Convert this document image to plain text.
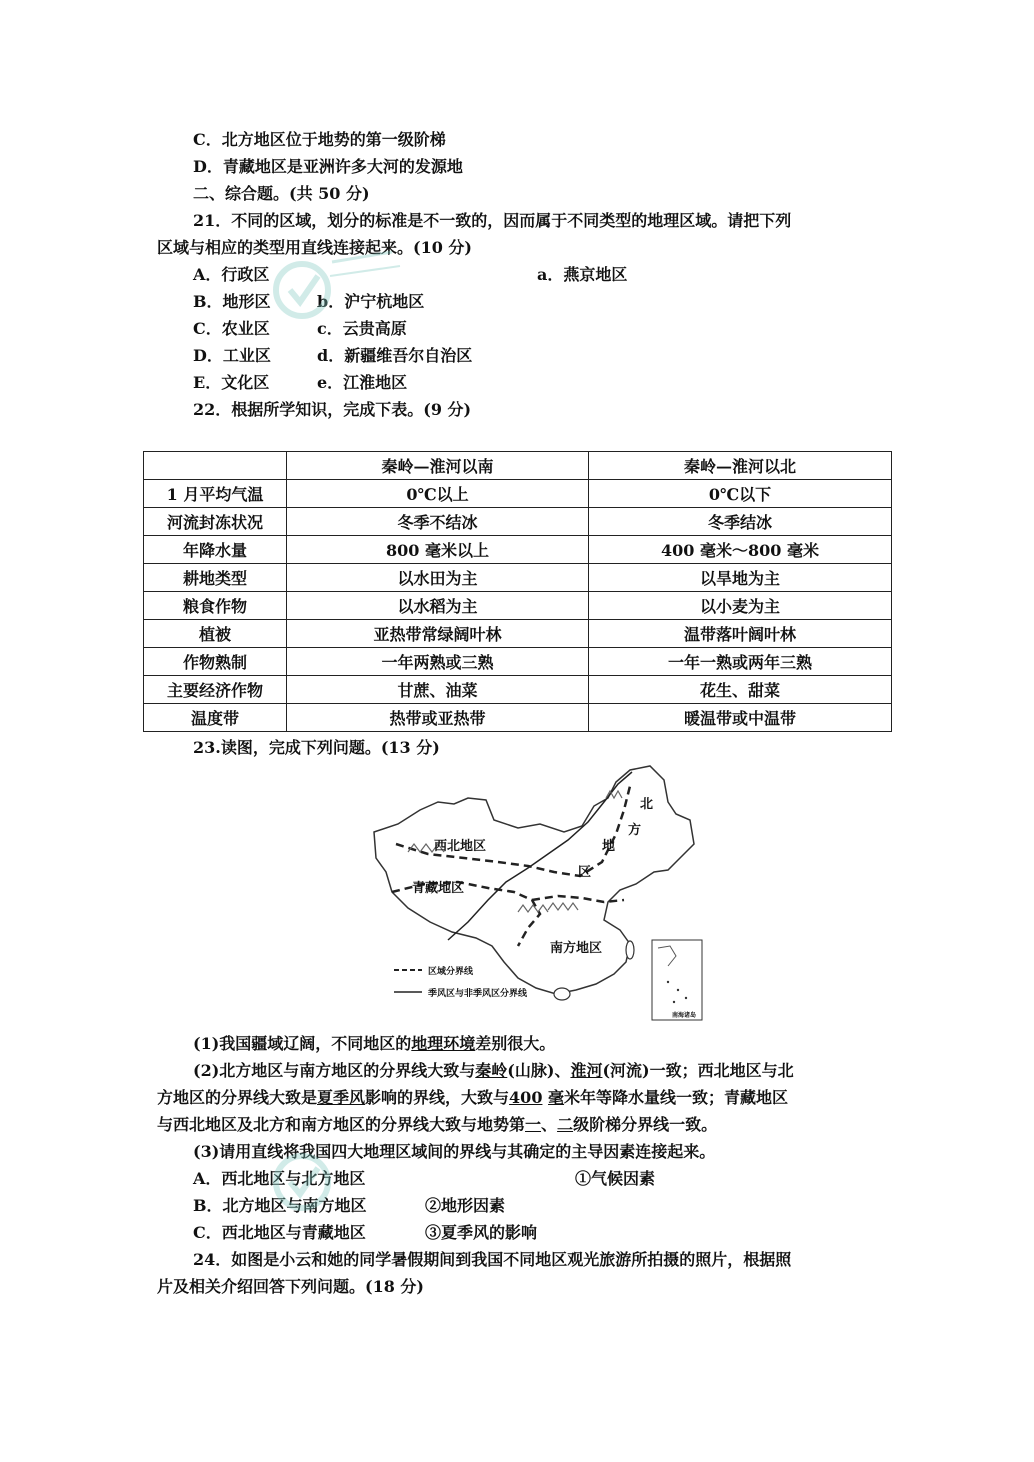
C．北方地区位于地势的第一级阶梯
D．青藏地区是亚洲许多大河的发源地
二、综合题。(共 50 分)
21．不同的区域，划分的标准是不一致的，因而属于不同类型的地理区域。请把下列
区域与相应的类型用直线连接起来。(10 分)
A．行政区	a．燕京地区
B．地形区	b．沪宁杭地区
C．农业区	c．云贵高原
D．工业区	d．新疆维吾尔自治区
E．文化区	e．江淮地区
22．根据所学知识，完成下表。(9 分)
	秦岭—淮河以南	秦岭—淮河以北
1 月平均气温	0℃以上	0℃以下
河流封冻状况	冬季不结冰	冬季结冰
年降水量	800 毫米以上	400 毫米～800 毫米
耕地类型	以水田为主	以旱地为主
粮食作物	以水稻为主	以小麦为主
植被	亚热带常绿阔叶林	温带落叶阔叶林
作物熟制	一年两熟或三熟	一年一熟或两年三熟
主要经济作物	甘蔗、油菜	花生、甜菜
温度带	热带或亚热带	暖温带或中温带
23.读图，完成下列问题。(13 分)
西北地区
青藏地区
南方地区
北
方
地
区
区域分界线
季风区与非季风区分界线
南海诸岛
(1)我国疆域辽阔，不同地区的地理环境差别很大。
(2)北方地区与南方地区的分界线大致与秦岭(山脉)、淮河(河流)一致；西北地区与北
方地区的分界线大致是夏季风影响的界线，大致与400 毫米年等降水量线一致；青藏地区
与西北地区及北方和南方地区的分界线大致与地势第一、二级阶梯分界线一致。
(3)请用直线将我国四大地理区域间的界线与其确定的主导因素连接起来。
A．西北地区与北方地区	①气候因素
B．北方地区与南方地区	②地形因素
C．西北地区与青藏地区	③夏季风的影响
24．如图是小云和她的同学暑假期间到我国不同地区观光旅游所拍摄的照片，根据照
片及相关介绍回答下列问题。(18 分)
